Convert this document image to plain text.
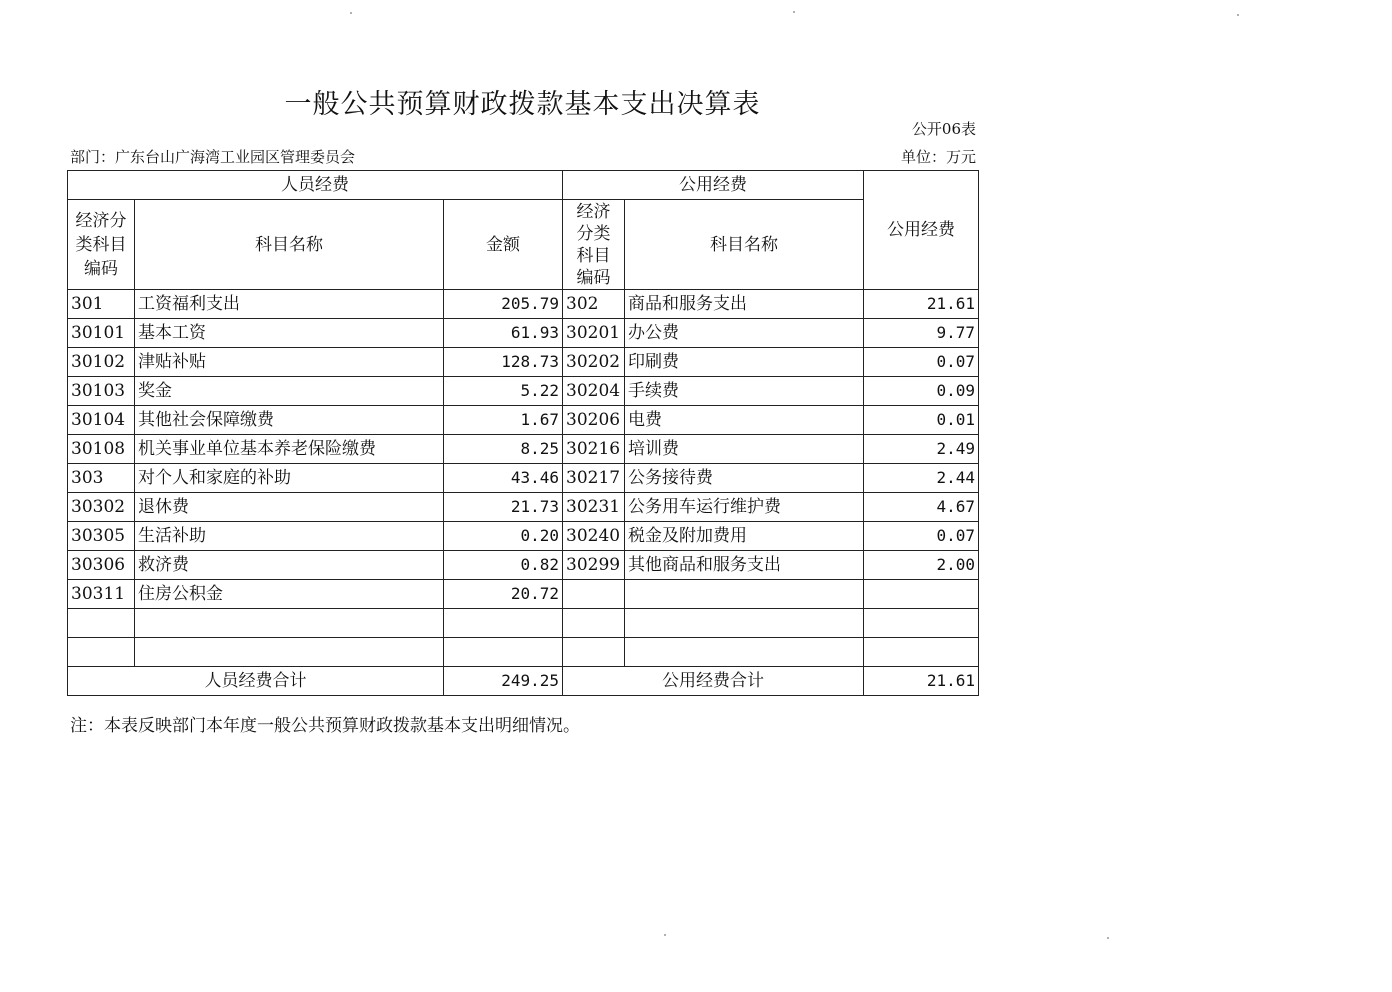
一般公共预算财政拨款基本支出决算表
公开06表
部门：广东台山广海湾工业园区管理委员会	单位：万元
人员经费			公用经费		公用经费
经济分类科目编码	科目名称	金额	经济分类科目编码	科目名称	
301	工资福利支出	205.79	302	商品和服务支出	21.61
30101	基本工资	61.93	30201	办公费	9.77
30102	津贴补贴	128.73	30202	印刷费	0.07
30103	奖金	5.22	30204	手续费	0.09
30104	其他社会保障缴费	1.67	30206	电费	0.01
30108	机关事业单位基本养老保险缴费	8.25	30216	培训费	2.49
303	对个人和家庭的补助	43.46	30217	公务接待费	2.44
30302	退休费	21.73	30231	公务用车运行维护费	4.67
30305	生活补助	0.20	30240	税金及附加费用	0.07
30306	救济费	0.82	30299	其他商品和服务支出	2.00
30311	住房公积金	20.72			

人员经费合计		249.25	公用经费合计		21.61
注：本表反映部门本年度一般公共预算财政拨款基本支出明细情况。
